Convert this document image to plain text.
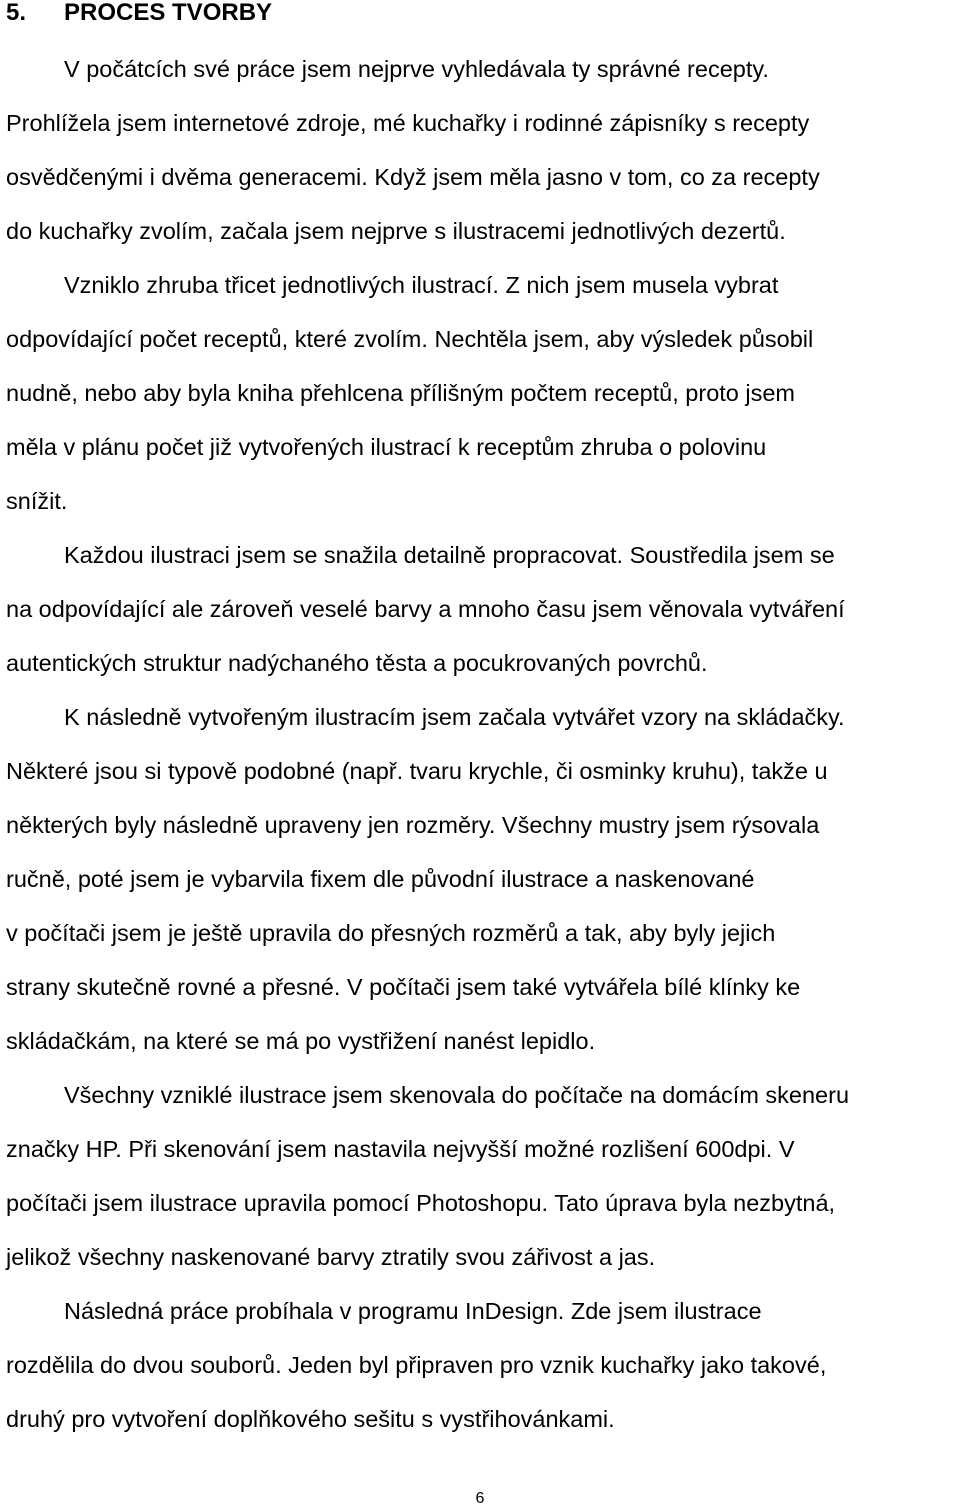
5. PROCES TVORBY
V počátcích své práce jsem nejprve vyhledávala ty správné recepty.
Prohlížela jsem internetové zdroje, mé kuchařky i rodinné zápisníky s recepty
osvědčenými i dvěma generacemi. Když jsem měla jasno v tom, co za recepty
do kuchařky zvolím, začala jsem nejprve s ilustracemi jednotlivých dezertů.
Vzniklo zhruba třicet jednotlivých ilustrací. Z nich jsem musela vybrat
odpovídající počet receptů, které zvolím. Nechtěla jsem, aby výsledek působil
nudně, nebo aby byla kniha přehlcena přílišným počtem receptů, proto jsem
měla v plánu počet již vytvořených ilustrací k receptům zhruba o polovinu
snížit.
Každou ilustraci jsem se snažila detailně propracovat. Soustředila jsem se
na odpovídající ale zároveň veselé barvy a mnoho času jsem věnovala vytváření
autentických struktur nadýchaného těsta a pocukrovaných povrchů.
K následně vytvořeným ilustracím jsem začala vytvářet vzory na skládačky.
Některé jsou si typově podobné (např. tvaru krychle, či osminky kruhu), takže u
některých byly následně upraveny jen rozměry. Všechny mustry jsem rýsovala
ručně, poté jsem je vybarvila fixem dle původní ilustrace a naskenované
v počítači jsem je ještě upravila do přesných rozměrů a tak, aby byly jejich
strany skutečně rovné a přesné. V počítači jsem také vytvářela bílé klínky ke
skládačkám, na které se má po vystřižení nanést lepidlo.
Všechny vzniklé ilustrace jsem skenovala do počítače na domácím skeneru
značky HP. Při skenování jsem nastavila nejvyšší možné rozlišení 600dpi. V
počítači jsem ilustrace upravila pomocí Photoshopu. Tato úprava byla nezbytná,
jelikož všechny naskenované barvy ztratily svou zářivost a jas.
Následná práce probíhala v programu InDesign. Zde jsem ilustrace
rozdělila do dvou souborů. Jeden byl připraven pro vznik kuchařky jako takové,
druhý pro vytvoření doplňkového sešitu s vystřihovánkami.
6
